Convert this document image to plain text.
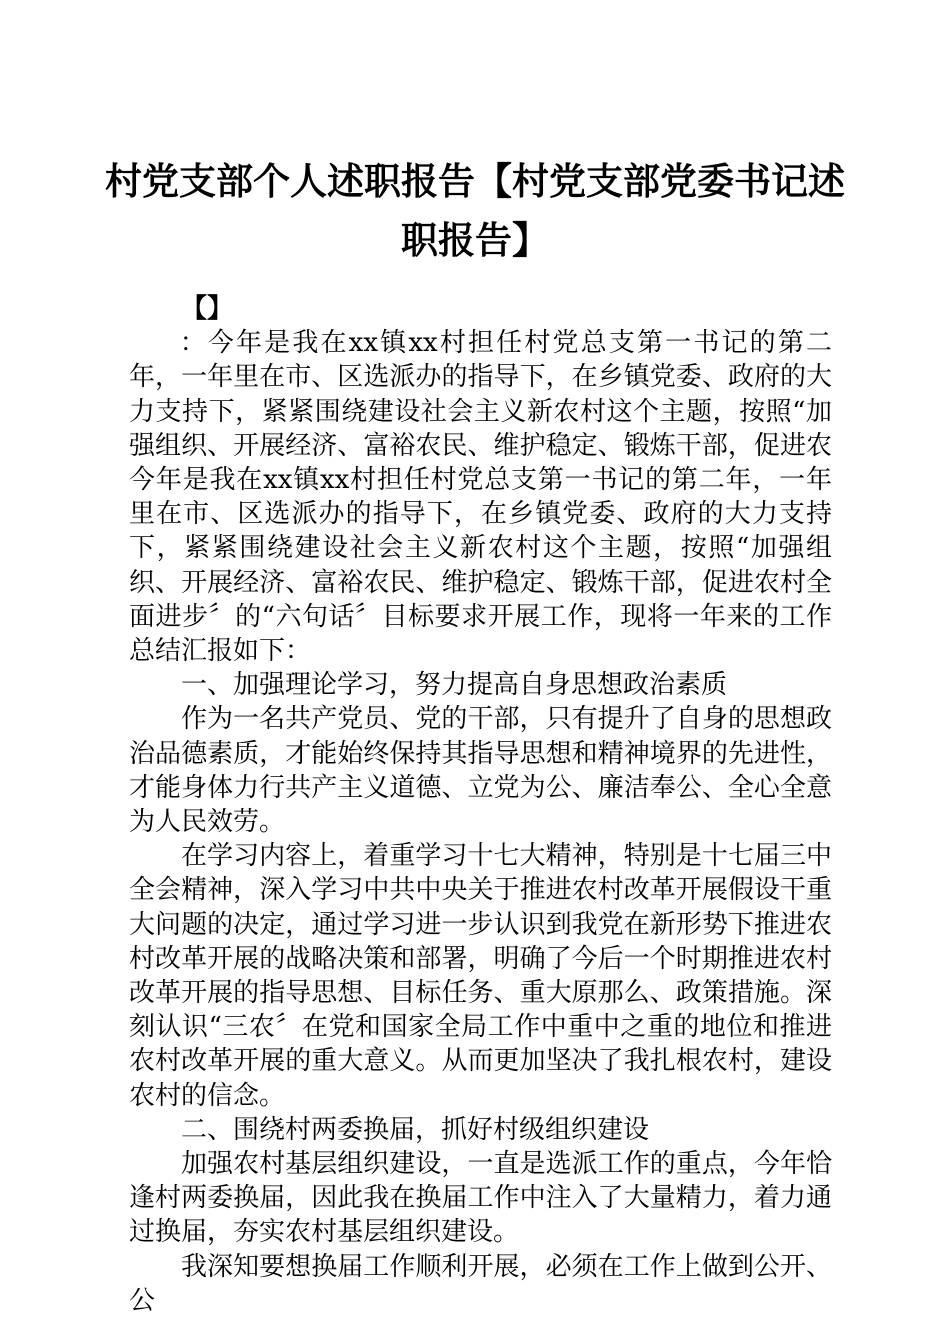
村党支部个人述职报告【村党支部党委书记述职报告】

【】

：今年是我在xx镇xx村担任村党总支第一书记的第二年，一年里在市、区选派办的指导下，在乡镇党委、政府的大力支持下，紧紧围绕建设社会主义新农村这个主题，按照“加强组织、开展经济、富裕农民、维护稳定、锻炼干部，促进农今年是我在xx镇xx村担任村党总支第一书记的第二年，一年里在市、区选派办的指导下，在乡镇党委、政府的大力支持下，紧紧围绕建设社会主义新农村这个主题，按照“加强组织、开展经济、富裕农民、维护稳定、锻炼干部，促进农村全面进步〞的“六句话〞目标要求开展工作，现将一年来的工作总结汇报如下：

一、加强理论学习，努力提高自身思想政治素质

作为一名共产党员、党的干部，只有提升了自身的思想政治品德素质，才能始终保持其指导思想和精神境界的先进性，才能身体力行共产主义道德、立党为公、廉洁奉公、全心全意为人民效劳。

在学习内容上，着重学习十七大精神，特别是十七届三中全会精神，深入学习中共中央关于推进农村改革开展假设干重大问题的决定，通过学习进一步认识到我党在新形势下推进农村改革开展的战略决策和部署，明确了今后一个时期推进农村改革开展的指导思想、目标任务、重大原那么、政策措施。深刻认识“三农〞在党和国家全局工作中重中之重的地位和推进农村改革开展的重大意义。从而更加坚决了我扎根农村，建设农村的信念。

二、围绕村两委换届，抓好村级组织建设

加强农村基层组织建设，一直是选派工作的重点，今年恰逢村两委换届，因此我在换届工作中注入了大量精力，着力通过换届，夯实农村基层组织建设。

我深知要想换届工作顺利开展，必须在工作上做到公开、公
